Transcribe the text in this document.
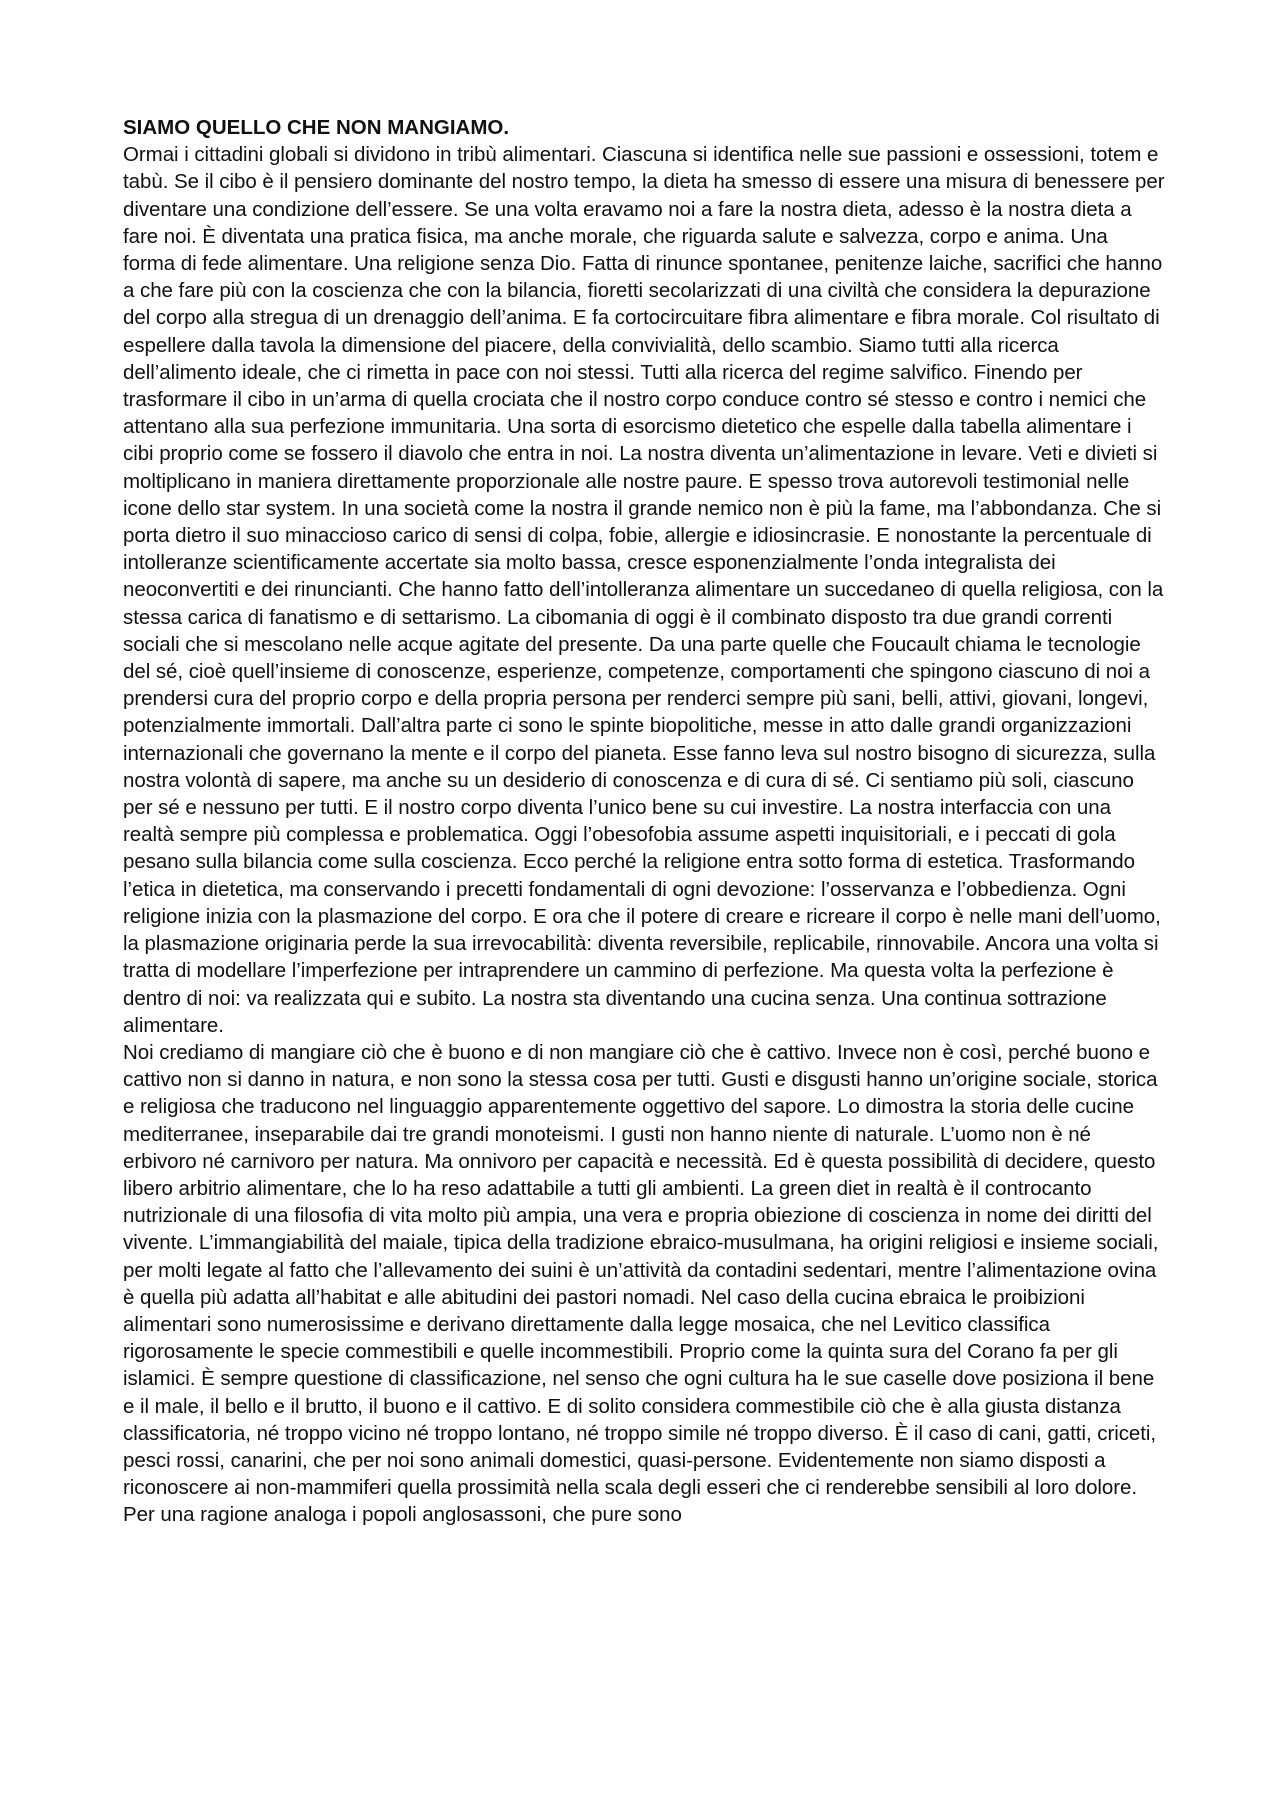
SIAMO QUELLO CHE NON MANGIAMO.

Ormai i cittadini globali si dividono in tribù alimentari. Ciascuna si identifica nelle sue passioni e ossessioni, totem e tabù. Se il cibo è il pensiero dominante del nostro tempo, la dieta ha smesso di essere una misura di benessere per diventare una condizione dell’essere. Se una volta eravamo noi a fare la nostra dieta, adesso è la nostra dieta a fare noi. È diventata una pratica fisica, ma anche morale, che riguarda salute e salvezza, corpo e anima. Una forma di fede alimentare. Una religione senza Dio. Fatta di rinunce spontanee, penitenze laiche, sacrifici che hanno a che fare più con la coscienza che con la bilancia, fioretti secolarizzati di una civiltà che considera la depurazione del corpo alla stregua di un drenaggio dell’anima. E fa cortocircuitare fibra alimentare e fibra morale. Col risultato di espellere dalla tavola la dimensione del piacere, della convivialità, dello scambio. Siamo tutti alla ricerca dell’alimento ideale, che ci rimetta in pace con noi stessi. Tutti alla ricerca del regime salvifico. Finendo per trasformare il cibo in un’arma di quella crociata che il nostro corpo conduce contro sé stesso e contro i nemici che attentano alla sua perfezione immunitaria. Una sorta di esorcismo dietetico che espelle dalla tabella alimentare i cibi proprio come se fossero il diavolo che entra in noi. La nostra diventa un’alimentazione in levare. Veti e divieti si moltiplicano in maniera direttamente proporzionale alle nostre paure. E spesso trova autorevoli testimonial nelle icone dello star system. In una società come la nostra il grande nemico non è più la fame, ma l’abbondanza. Che si porta dietro il suo minaccioso carico di sensi di colpa, fobie, allergie e idiosincrasie. E nonostante la percentuale di intolleranze scientificamente accertate sia molto bassa, cresce esponenzialmente l’onda integralista dei neoconvertiti e dei rinuncianti. Che hanno fatto dell’intolleranza alimentare un succedaneo di quella religiosa, con la stessa carica di fanatismo e di settarismo. La cibomania di oggi è il combinato disposto tra due grandi correnti sociali che si mescolano nelle acque agitate del presente. Da una parte quelle che Foucault chiama le tecnologie del sé, cioè quell’insieme di conoscenze, esperienze, competenze, comportamenti che spingono ciascuno di noi a prendersi cura del proprio corpo e della propria persona per renderci sempre più sani, belli, attivi, giovani, longevi, potenzialmente immortali. Dall’altra parte ci sono le spinte biopolitiche, messe in atto dalle grandi organizzazioni internazionali che governano la mente e il corpo del pianeta. Esse fanno leva sul nostro bisogno di sicurezza, sulla nostra volontà di sapere, ma anche su un desiderio di conoscenza e di cura di sé. Ci sentiamo più soli, ciascuno per sé e nessuno per tutti. E il nostro corpo diventa l’unico bene su cui investire. La nostra interfaccia con una realtà sempre più complessa e problematica. Oggi l’obesofobia assume aspetti inquisitoriali, e i peccati di gola pesano sulla bilancia come sulla coscienza. Ecco perché la religione entra sotto forma di estetica. Trasformando l’etica in dietetica, ma conservando i precetti fondamentali di ogni devozione: l’osservanza e l’obbedienza. Ogni religione inizia con la plasmazione del corpo. E ora che il potere di creare e ricreare il corpo è nelle mani dell’uomo, la plasmazione originaria perde la sua irrevocabilità: diventa reversibile, replicabile, rinnovabile. Ancora una volta si tratta di modellare l’imperfezione per intraprendere un cammino di perfezione. Ma questa volta la perfezione è dentro di noi: va realizzata qui e subito. La nostra sta diventando una cucina senza. Una continua sottrazione alimentare.

Noi crediamo di mangiare ciò che è buono e di non mangiare ciò che è cattivo. Invece non è così, perché buono e cattivo non si danno in natura, e non sono la stessa cosa per tutti. Gusti e disgusti hanno un’origine sociale, storica e religiosa che traducono nel linguaggio apparentemente oggettivo del sapore. Lo dimostra la storia delle cucine mediterranee, inseparabile dai tre grandi monoteismi. I gusti non hanno niente di naturale. L’uomo non è né erbivoro né carnivoro per natura. Ma onnivoro per capacità e necessità. Ed è questa possibilità di decidere, questo libero arbitrio alimentare, che lo ha reso adattabile a tutti gli ambienti. La green diet in realtà è il controcanto nutrizionale di una filosofia di vita molto più ampia, una vera e propria obiezione di coscienza in nome dei diritti del vivente. L’immangiabilità del maiale, tipica della tradizione ebraico-musulmana, ha origini religiosi e insieme sociali, per molti legate al fatto che l’allevamento dei suini è un’attività da contadini sedentari, mentre l’alimentazione ovina è quella più adatta all’habitat e alle abitudini dei pastori nomadi. Nel caso della cucina ebraica le proibizioni alimentari sono numerosissime e derivano direttamente dalla legge mosaica, che nel Levitico classifica rigorosamente le specie commestibili e quelle incommestibili. Proprio come la quinta sura del Corano fa per gli islamici. È sempre questione di classificazione, nel senso che ogni cultura ha le sue caselle dove posiziona il bene e il male, il bello e il brutto, il buono e il cattivo. E di solito considera commestibile ciò che è alla giusta distanza classificatoria, né troppo vicino né troppo lontano, né troppo simile né troppo diverso. È il caso di cani, gatti, criceti, pesci rossi, canarini, che per noi sono animali domestici, quasi-persone. Evidentemente non siamo disposti a riconoscere ai non-mammiferi quella prossimità nella scala degli esseri che ci renderebbe sensibili al loro dolore. Per una ragione analoga i popoli anglosassoni, che pure sono
